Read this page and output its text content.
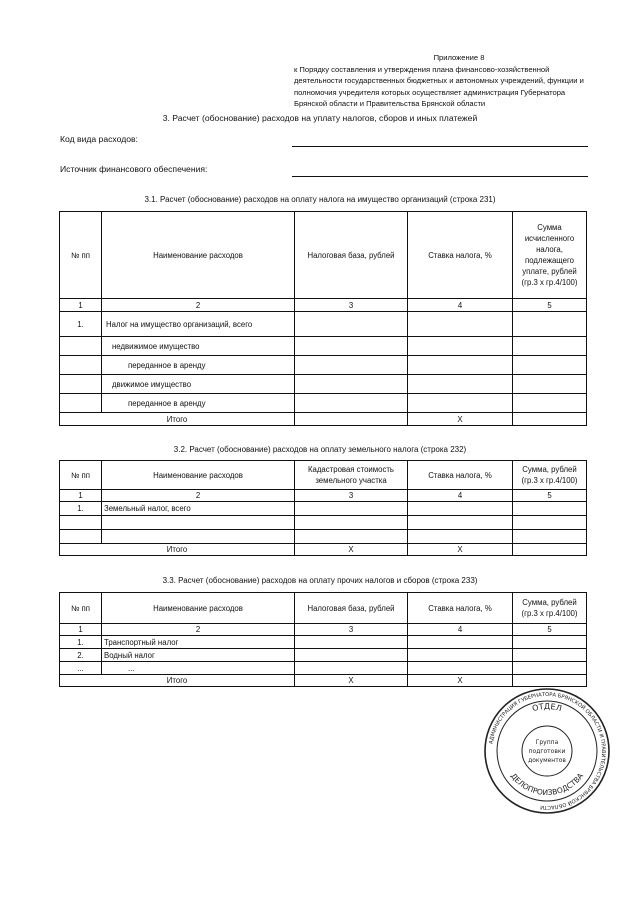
Приложение 8
к Порядку составления и утверждения плана финансово-хозяйственной
деятельности государственных бюджетных и автономных учреждений, функции и
полномочия учредителя которых осуществляет администрация Губернатора
Брянской области и Правительства Брянской области
3. Расчет (обоснование) расходов на уплату налогов, сборов и иных платежей
Код вида расходов:
Источник финансового обеспечения:
3.1. Расчет (обоснование) расходов на оплату налога на имущество организаций (строка 231)
№ пп	Наименование расходов	Налоговая база, рублей	Ставка налога, %	Сумма исчисленного налога, подлежащего уплате, рублей (гр.3 х гр.4/100)
1	2	3	4	5
1.	Налог на имущество организаций, всего			
	недвижимое имущество			
	переданное в аренду			
	движимое имущество			
	переданное в аренду			
Итого			Х	
3.2. Расчет (обоснование) расходов на оплату земельного налога (строка 232)
№ пп	Наименование расходов	Кадастровая стоимость земельного участка	Ставка налога, %	Сумма, рублей (гр.3 х гр.4/100)
1	2	3	4	5
1.	Земельный налог, всего			

Итого		Х	Х	
3.3. Расчет (обоснование) расходов на оплату прочих налогов и сборов (строка 233)
№ пп	Наименование расходов	Налоговая база, рублей	Ставка налога, %	Сумма, рублей (гр.3 х гр.4/100)
1	2	3	4	5
1.	Транспортный налог			
2.	Водный налог			
...	...			
Итого		Х	Х	
АДМИНИСТРАЦИЯ ГУБЕРНАТОРА БРЯНСКОЙ ОБЛАСТИ И ПРАВИТЕЛЬСТВА БРЯНСКОЙ ОБЛАСТИ
ОТДЕЛ
ДЕЛОПРОИЗВОДСТВА
Группа
подготовки
документов
